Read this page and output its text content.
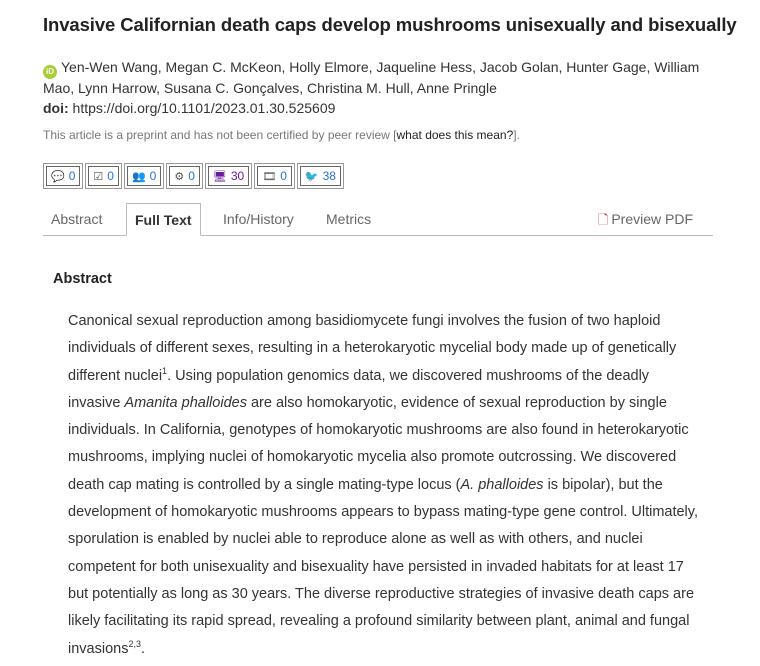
Invasive Californian death caps develop mushrooms unisexually and bisexually
iD Yen-Wen Wang, Megan C. McKeon, Holly Elmore, Jaqueline Hess, Jacob Golan, Hunter Gage, William Mao, Lynn Harrow, Susana C. Gonçalves, Christina M. Hull, Anne Pringle
doi: https://doi.org/10.1101/2023.01.30.525609
This article is a preprint and has not been certified by peer review [what does this mean?].
💬 0 ☑ 0 👥 0 ⚙ 0 🖥 30 🎞 0 🐦 38
Abstract	Full Text	Info/History Metrics	🗋 Preview PDF
Abstract
Canonical sexual reproduction among basidiomycete fungi involves the fusion of two haploid individuals of different sexes, resulting in a heterokaryotic mycelial body made up of genetically different nuclei$^1$. Using population genomics data, we discovered mushrooms of the deadly invasive Amanita phalloides are also homokaryotic, evidence of sexual reproduction by single individuals. In California, genotypes of homokaryotic mushrooms are also found in heterokaryotic mushrooms, implying nuclei of homokaryotic mycelia also promote outcrossing. We discovered death cap mating is controlled by a single mating-type locus (A. phalloides is bipolar), but the development of homokaryotic mushrooms appears to bypass mating-type gene control. Ultimately, sporulation is enabled by nuclei able to reproduce alone as well as with others, and nuclei competent for both unisexuality and bisexuality have persisted in invaded habitats for at least 17 but potentially as long as 30 years. The diverse reproductive strategies of invasive death caps are likely facilitating its rapid spread, revealing a profound similarity between plant, animal and fungal invasions$^{2,3}$.
